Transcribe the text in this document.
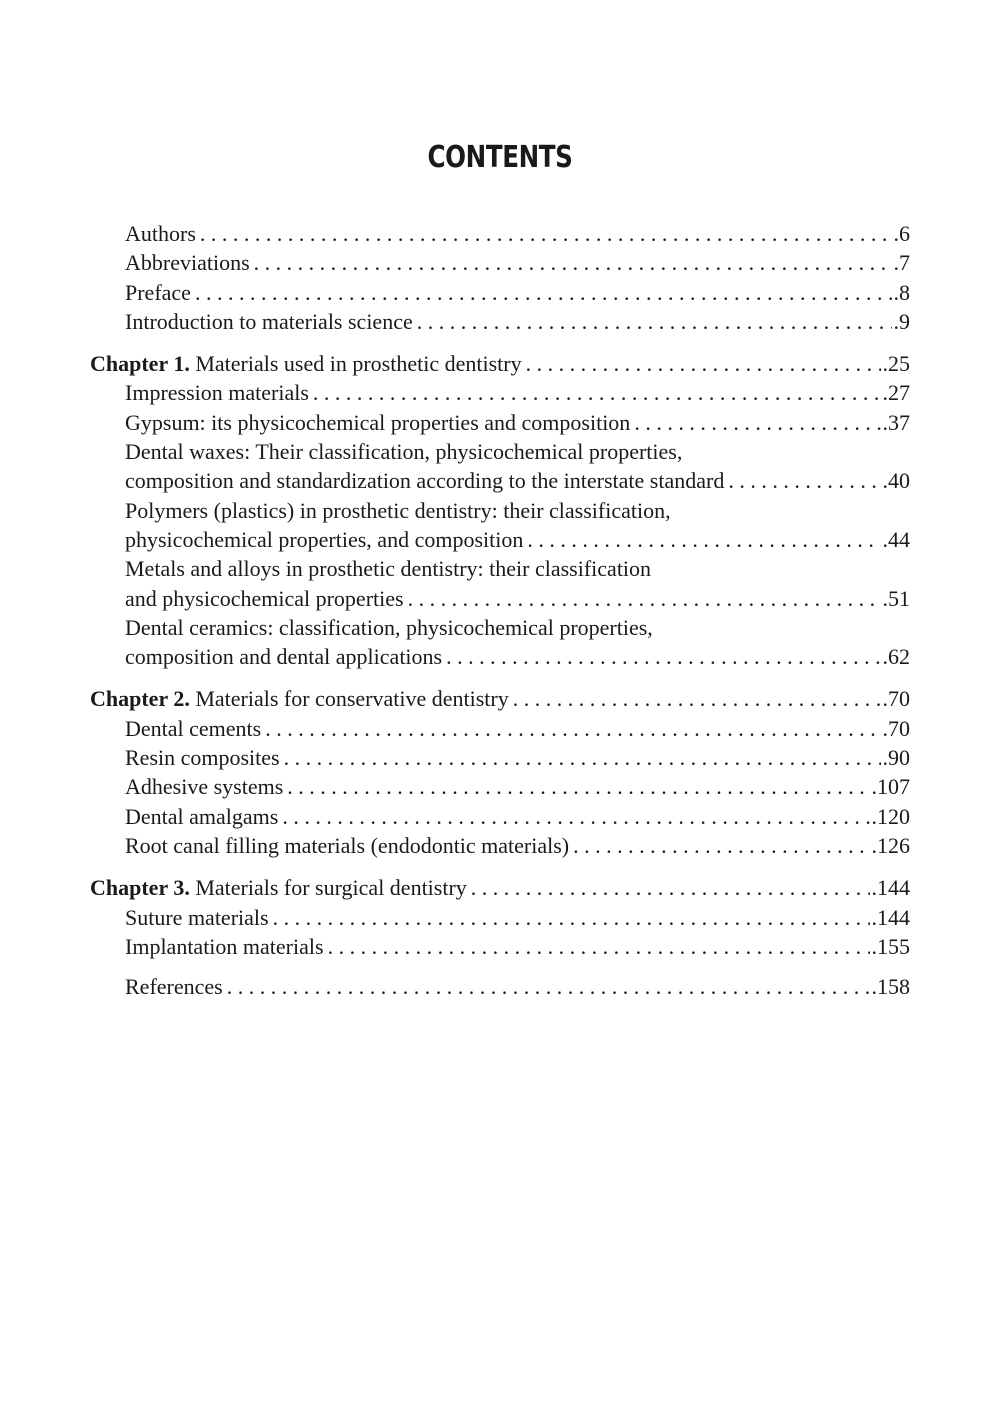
CONTENTS
Authors . . .	.6
Abbreviations . . .	.7
Preface . . .	.8
Introduction to materials science . . .	.9
Chapter 1. Materials used in prosthetic dentistry . . .	.25
Impression materials . . .	.27
Gypsum: its physicochemical properties and composition . . .	.37
Dental waxes: Their classification, physicochemical properties,
composition and standardization according to the interstate standard . . .	.40
Polymers (plastics) in prosthetic dentistry: their classification,
physicochemical properties, and composition . . .	.44
Metals and alloys in prosthetic dentistry: their classification
and physicochemical properties . . .	.51
Dental ceramics: classification, physicochemical properties,
composition and dental applications . . .	.62
Chapter 2. Materials for conservative dentistry . . .	.70
Dental cements . . .	.70
Resin composites . . .	.90
Adhesive systems . . .	.107
Dental amalgams . . .	.120
Root canal filling materials (endodontic materials) . . .	.126
Chapter 3. Materials for surgical dentistry . . .	.144
Suture materials . . .	.144
Implantation materials . . .	.155
References . . .	.158
